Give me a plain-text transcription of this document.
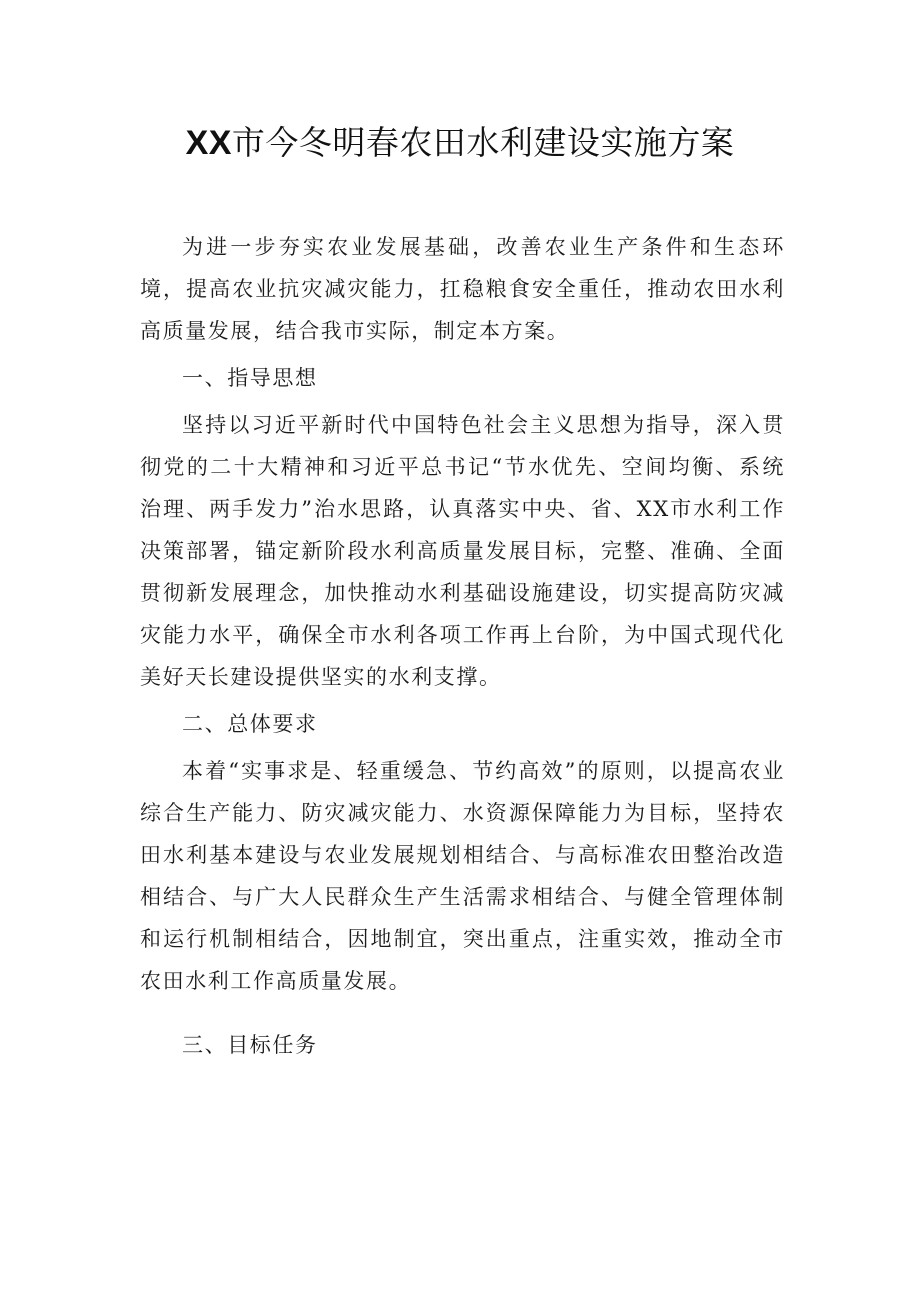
XX市今冬明春农田水利建设实施方案

为进一步夯实农业发展基础，改善农业生产条件和生态环境，提高农业抗灾减灾能力，扛稳粮食安全重任，推动农田水利高质量发展，结合我市实际，制定本方案。

一、指导思想

坚持以习近平新时代中国特色社会主义思想为指导，深入贯彻党的二十大精神和习近平总书记“节水优先、空间均衡、系统治理、两手发力”治水思路，认真落实中央、省、XX市水利工作决策部署，锚定新阶段水利高质量发展目标，完整、准确、全面贯彻新发展理念，加快推动水利基础设施建设，切实提高防灾减灾能力水平，确保全市水利各项工作再上台阶，为中国式现代化美好天长建设提供坚实的水利支撑。

二、总体要求

本着“实事求是、轻重缓急、节约高效”的原则，以提高农业综合生产能力、防灾减灾能力、水资源保障能力为目标，坚持农田水利基本建设与农业发展规划相结合、与高标准农田整治改造相结合、与广大人民群众生产生活需求相结合、与健全管理体制和运行机制相结合，因地制宜，突出重点，注重实效，推动全市农田水利工作高质量发展。

三、目标任务
